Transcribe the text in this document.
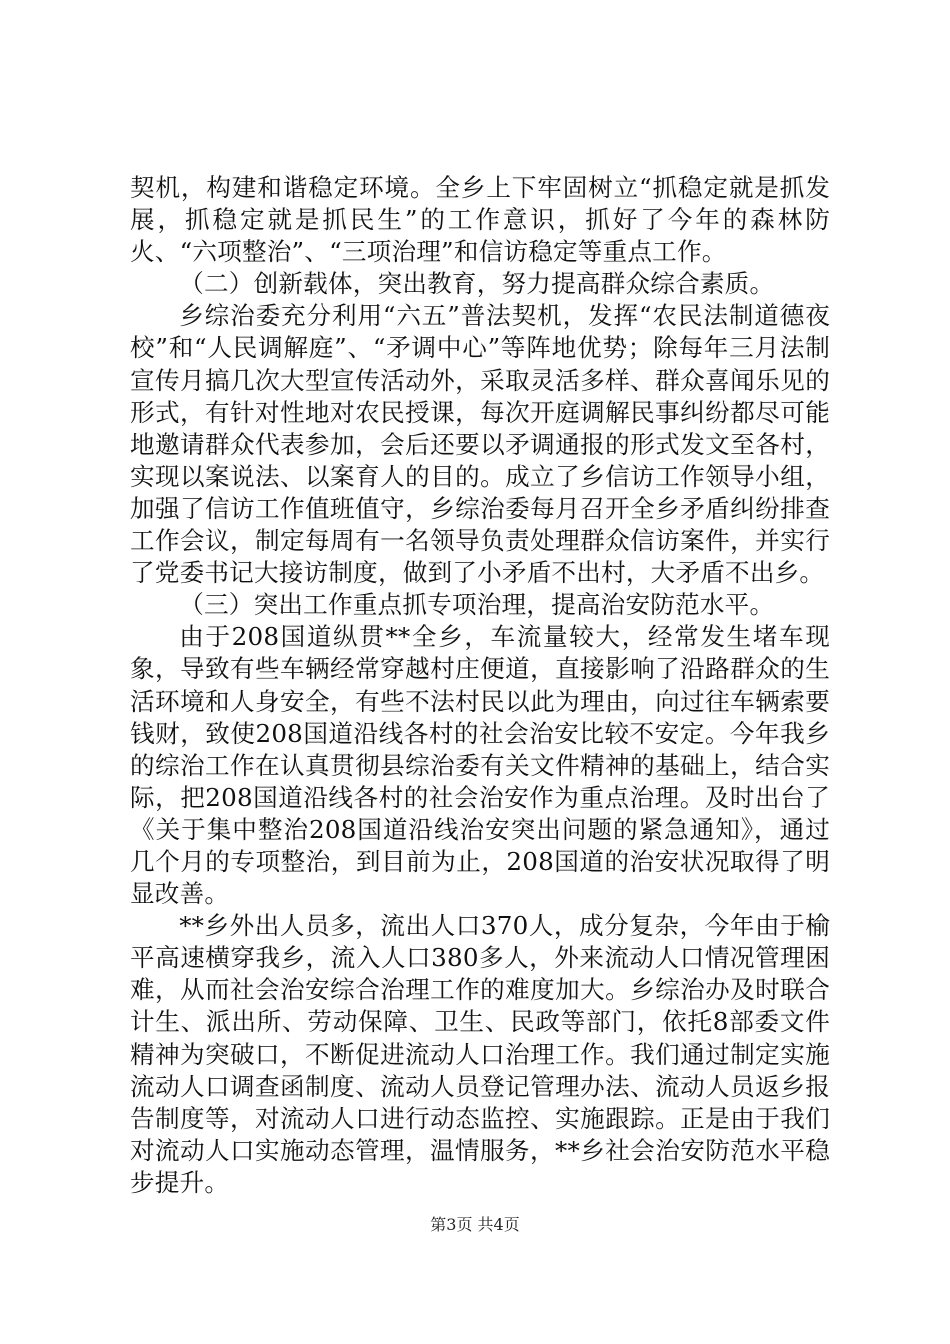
契机，构建和谐稳定环境。全乡上下牢固树立“抓稳定就是抓发展，抓稳定就是抓民生”的工作意识，抓好了今年的森林防火、“六项整治”、“三项治理”和信访稳定等重点工作。

（二）创新载体，突出教育，努力提高群众综合素质。

乡综治委充分利用“六五”普法契机，发挥“农民法制道德夜校”和“人民调解庭”、“矛调中心”等阵地优势；除每年三月法制宣传月搞几次大型宣传活动外，采取灵活多样、群众喜闻乐见的形式，有针对性地对农民授课，每次开庭调解民事纠纷都尽可能地邀请群众代表参加，会后还要以矛调通报的形式发文至各村，实现以案说法、以案育人的目的。成立了乡信访工作领导小组，加强了信访工作值班值守，乡综治委每月召开全乡矛盾纠纷排查工作会议，制定每周有一名领导负责处理群众信访案件，并实行了党委书记大接访制度，做到了小矛盾不出村，大矛盾不出乡。

（三）突出工作重点抓专项治理，提高治安防范水平。

由于208国道纵贯**全乡，车流量较大，经常发生堵车现象，导致有些车辆经常穿越村庄便道，直接影响了沿路群众的生活环境和人身安全，有些不法村民以此为理由，向过往车辆索要钱财，致使208国道沿线各村的社会治安比较不安定。今年我乡的综治工作在认真贯彻县综治委有关文件精神的基础上，结合实际，把208国道沿线各村的社会治安作为重点治理。及时出台了《关于集中整治208国道沿线治安突出问题的紧急通知》，通过几个月的专项整治，到目前为止，208国道的治安状况取得了明显改善。

**乡外出人员多，流出人口370人，成分复杂，今年由于榆平高速横穿我乡，流入人口380多人，外来流动人口情况管理困难，从而社会治安综合治理工作的难度加大。乡综治办及时联合计生、派出所、劳动保障、卫生、民政等部门，依托8部委文件精神为突破口，不断促进流动人口治理工作。我们通过制定实施流动人口调查函制度、流动人员登记管理办法、流动人员返乡报告制度等，对流动人口进行动态监控、实施跟踪。正是由于我们对流动人口实施动态管理，温情服务，**乡社会治安防范水平稳步提升。

第3页 共4页
